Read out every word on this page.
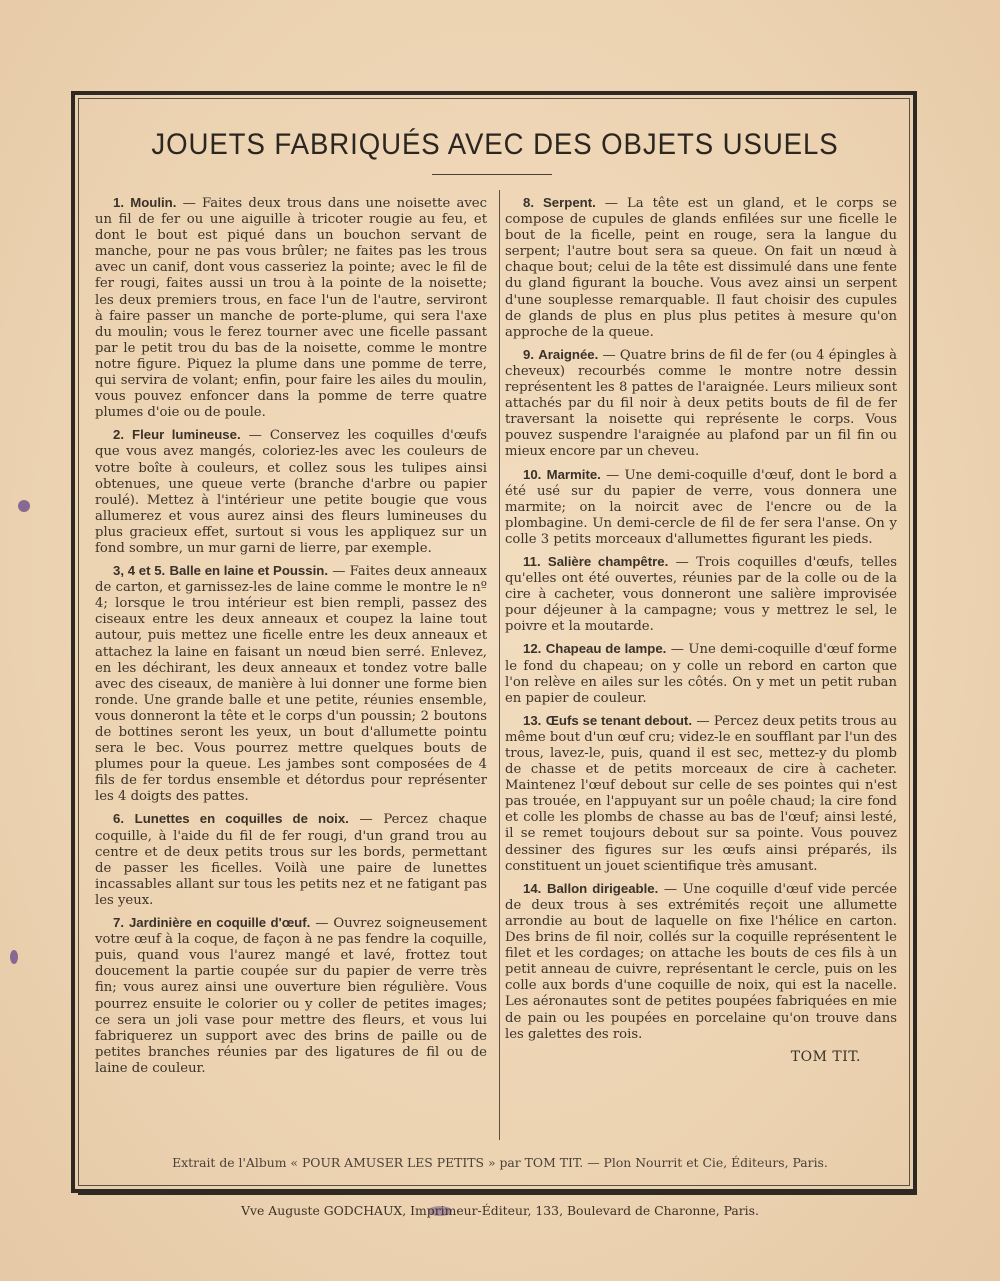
JOUETS FABRIQUÉS AVEC DES OBJETS USUELS

1. Moulin. — Faites deux trous dans une noisette avec un fil de fer ou une aiguille à tricoter rougie au feu, et dont le bout est piqué dans un bouchon servant de manche, pour ne pas vous brûler; ne faites pas les trous avec un canif, dont vous casseriez la pointe; avec le fil de fer rougi, faites aussi un trou à la pointe de la noisette; les deux premiers trous, en face l'un de l'autre, serviront à faire passer un manche de porte-plume, qui sera l'axe du moulin; vous le ferez tourner avec une ficelle passant par le petit trou du bas de la noisette, comme le montre notre figure. Piquez la plume dans une pomme de terre, qui servira de volant; enfin, pour faire les ailes du moulin, vous pouvez enfoncer dans la pomme de terre quatre plumes d'oie ou de poule.

2. Fleur lumineuse. — Conservez les coquilles d'œufs que vous avez mangés, coloriez-les avec les couleurs de votre boîte à couleurs, et collez sous les tulipes ainsi obtenues, une queue verte (branche d'arbre ou papier roulé). Mettez à l'intérieur une petite bougie que vous allumerez et vous aurez ainsi des fleurs lumineuses du plus gracieux effet, surtout si vous les appliquez sur un fond sombre, un mur garni de lierre, par exemple.

3, 4 et 5. Balle en laine et Poussin. — Faites deux anneaux de carton, et garnissez-les de laine comme le montre le nº 4; lorsque le trou intérieur est bien rempli, passez des ciseaux entre les deux anneaux et coupez la laine tout autour, puis mettez une ficelle entre les deux anneaux et attachez la laine en faisant un nœud bien serré. Enlevez, en les déchirant, les deux anneaux et tondez votre balle avec des ciseaux, de manière à lui donner une forme bien ronde. Une grande balle et une petite, réunies ensemble, vous donneront la tête et le corps d'un poussin; 2 boutons de bottines seront les yeux, un bout d'allumette pointu sera le bec. Vous pourrez mettre quelques bouts de plumes pour la queue. Les jambes sont composées de 4 fils de fer tordus ensemble et détordus pour représenter les 4 doigts des pattes.

6. Lunettes en coquilles de noix. — Percez chaque coquille, à l'aide du fil de fer rougi, d'un grand trou au centre et de deux petits trous sur les bords, permettant de passer les ficelles. Voilà une paire de lunettes incassables allant sur tous les petits nez et ne fatigant pas les yeux.

7. Jardinière en coquille d'œuf. — Ouvrez soigneusement votre œuf à la coque, de façon à ne pas fendre la coquille, puis, quand vous l'aurez mangé et lavé, frottez tout doucement la partie coupée sur du papier de verre très fin; vous aurez ainsi une ouverture bien régulière. Vous pourrez ensuite le colorier ou y coller de petites images; ce sera un joli vase pour mettre des fleurs, et vous lui fabriquerez un support avec des brins de paille ou de petites branches réunies par des ligatures de fil ou de laine de couleur.

8. Serpent. — La tête est un gland, et le corps se compose de cupules de glands enfilées sur une ficelle le bout de la ficelle, peint en rouge, sera la langue du serpent; l'autre bout sera sa queue. On fait un nœud à chaque bout; celui de la tête est dissimulé dans une fente du gland figurant la bouche. Vous avez ainsi un serpent d'une souplesse remarquable. Il faut choisir des cupules de glands de plus en plus plus petites à mesure qu'on approche de la queue.

9. Araignée. — Quatre brins de fil de fer (ou 4 épingles à cheveux) recourbés comme le montre notre dessin représentent les 8 pattes de l'araignée. Leurs milieux sont attachés par du fil noir à deux petits bouts de fil de fer traversant la noisette qui représente le corps. Vous pouvez suspendre l'araignée au plafond par un fil fin ou mieux encore par un cheveu.

10. Marmite. — Une demi-coquille d'œuf, dont le bord a été usé sur du papier de verre, vous donnera une marmite; on la noircit avec de l'encre ou de la plombagine. Un demi-cercle de fil de fer sera l'anse. On y colle 3 petits morceaux d'allumettes figurant les pieds.

11. Salière champêtre. — Trois coquilles d'œufs, telles qu'elles ont été ouvertes, réunies par de la colle ou de la cire à cacheter, vous donneront une salière improvisée pour déjeuner à la campagne; vous y mettrez le sel, le poivre et la moutarde.

12. Chapeau de lampe. — Une demi-coquille d'œuf forme le fond du chapeau; on y colle un rebord en carton que l'on relève en ailes sur les côtés. On y met un petit ruban en papier de couleur.

13. Œufs se tenant debout. — Percez deux petits trous au même bout d'un œuf cru; videz-le en soufflant par l'un des trous, lavez-le, puis, quand il est sec, mettez-y du plomb de chasse et de petits morceaux de cire à cacheter. Maintenez l'œuf debout sur celle de ses pointes qui n'est pas trouée, en l'appuyant sur un poêle chaud; la cire fond et colle les plombs de chasse au bas de l'œuf; ainsi lesté, il se remet toujours debout sur sa pointe. Vous pouvez dessiner des figures sur les œufs ainsi préparés, ils constituent un jouet scientifique très amusant.

14. Ballon dirigeable. — Une coquille d'œuf vide percée de deux trous à ses extrémités reçoit une allumette arrondie au bout de laquelle on fixe l'hélice en carton. Des brins de fil noir, collés sur la coquille représentent le filet et les cordages; on attache les bouts de ces fils à un petit anneau de cuivre, représentant le cercle, puis on les colle aux bords d'une coquille de noix, qui est la nacelle. Les aéronautes sont de petites poupées fabriquées en mie de pain ou les poupées en porcelaine qu'on trouve dans les galettes des rois.

TOM TIT.

Extrait de l'Album « POUR AMUSER LES PETITS » par TOM TIT. — Plon Nourrit et Cie, Éditeurs, Paris.
Vve Auguste GODCHAUX, Imprimeur-Éditeur, 133, Boulevard de Charonne, Paris.
